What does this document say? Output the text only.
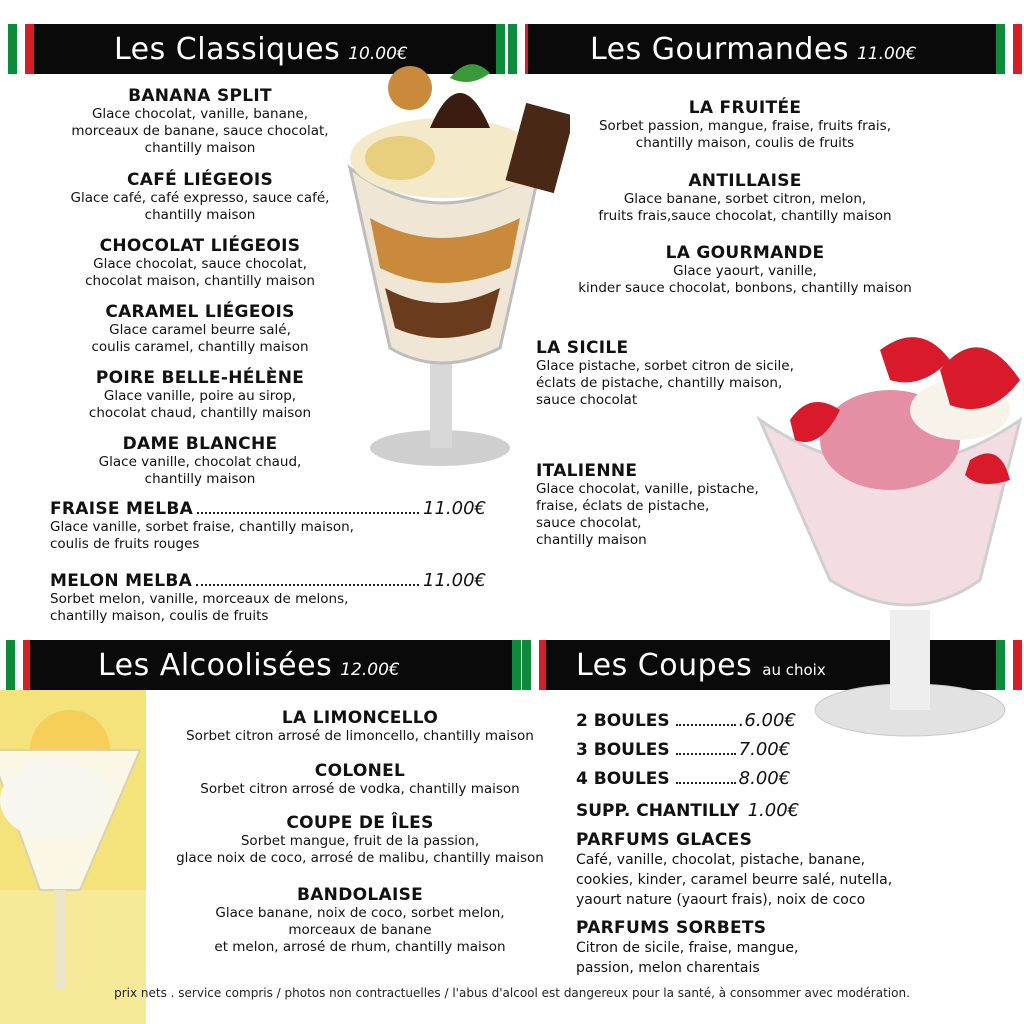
Les Classiques 10.00€	Les Gourmandes 11.00€
Les Alcoolisées 12.00€	Les Coupes au choix
BANANA SPLIT
Glace chocolat, vanille, banane,
morceaux de banane, sauce chocolat,
chantilly maison
CAFÉ LIÉGEOIS
Glace café, café expresso, sauce café,
chantilly maison
CHOCOLAT LIÉGEOIS
Glace chocolat, sauce chocolat,
chocolat maison, chantilly maison
CARAMEL LIÉGEOIS
Glace caramel beurre salé,
coulis caramel, chantilly maison
POIRE BELLE-HÉLÈNE
Glace vanille, poire au sirop,
chocolat chaud, chantilly maison
DAME BLANCHE
Glace vanille, chocolat chaud,
chantilly maison
FRAISE MELBA	11.00€
Glace vanille, sorbet fraise, chantilly maison,
coulis de fruits rouges
MELON MELBA	11.00€
Sorbet melon, vanille, morceaux de melons,
chantilly maison, coulis de fruits
LA FRUITÉE
Sorbet passion, mangue, fraise, fruits frais,
chantilly maison, coulis de fruits
ANTILLAISE
Glace banane, sorbet citron, melon,
fruits frais,sauce chocolat, chantilly maison
LA GOURMANDE
Glace yaourt, vanille,
kinder sauce chocolat, bonbons, chantilly maison
LA SICILE
Glace pistache, sorbet citron de sicile,
éclats de pistache, chantilly maison,
sauce chocolat
ITALIENNE
Glace chocolat, vanille, pistache,
fraise, éclats de pistache,
sauce chocolat,
chantilly maison
LA LIMONCELLO
Sorbet citron arrosé de limoncello, chantilly maison
COLONEL
Sorbet citron arrosé de vodka, chantilly maison
COUPE DE ÎLES
Sorbet mangue, fruit de la passion,
glace noix de coco, arrosé de malibu, chantilly maison
BANDOLAISE
Glace banane, noix de coco, sorbet melon,
morceaux de banane
et melon, arrosé de rhum, chantilly maison
2 BOULES	.6.00€
3 BOULES	7.00€
4 BOULES	8.00€
SUPP. CHANTILLY 1.00€
PARFUMS GLACES
Café, vanille, chocolat, pistache, banane,
cookies, kinder, caramel beurre salé, nutella,
yaourt nature (yaourt frais), noix de coco
PARFUMS SORBETS
Citron de sicile, fraise, mangue,
passion, melon charentais
prix nets . service compris / photos non contractuelles / l'abus d'alcool est dangereux pour la santé, à consommer avec modération.
